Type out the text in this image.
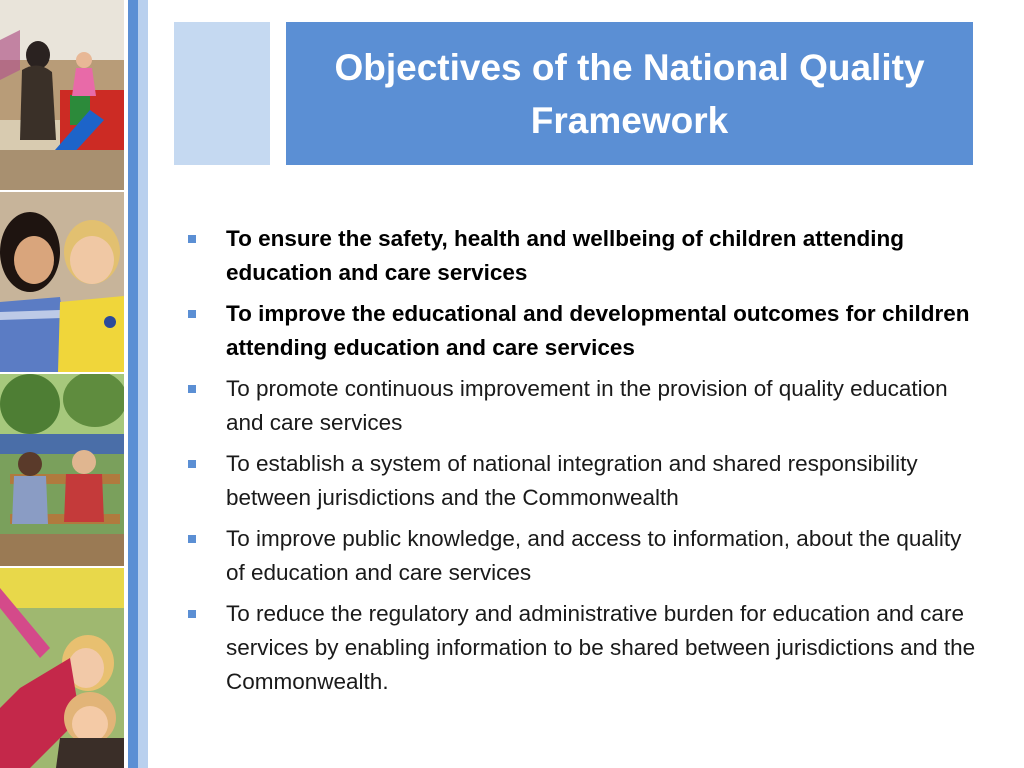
Objectives of the National Quality Framework
To ensure the safety, health and wellbeing of children attending education and care services
To improve the educational and developmental outcomes for children attending education and care services
To promote continuous improvement in the provision of quality education and care services
To establish a system of national integration and shared responsibility between jurisdictions and the Commonwealth
To improve public knowledge, and access to information, about the quality of education and care services
To reduce the regulatory and administrative burden for education and care services by enabling information to be shared between jurisdictions and the Commonwealth.
